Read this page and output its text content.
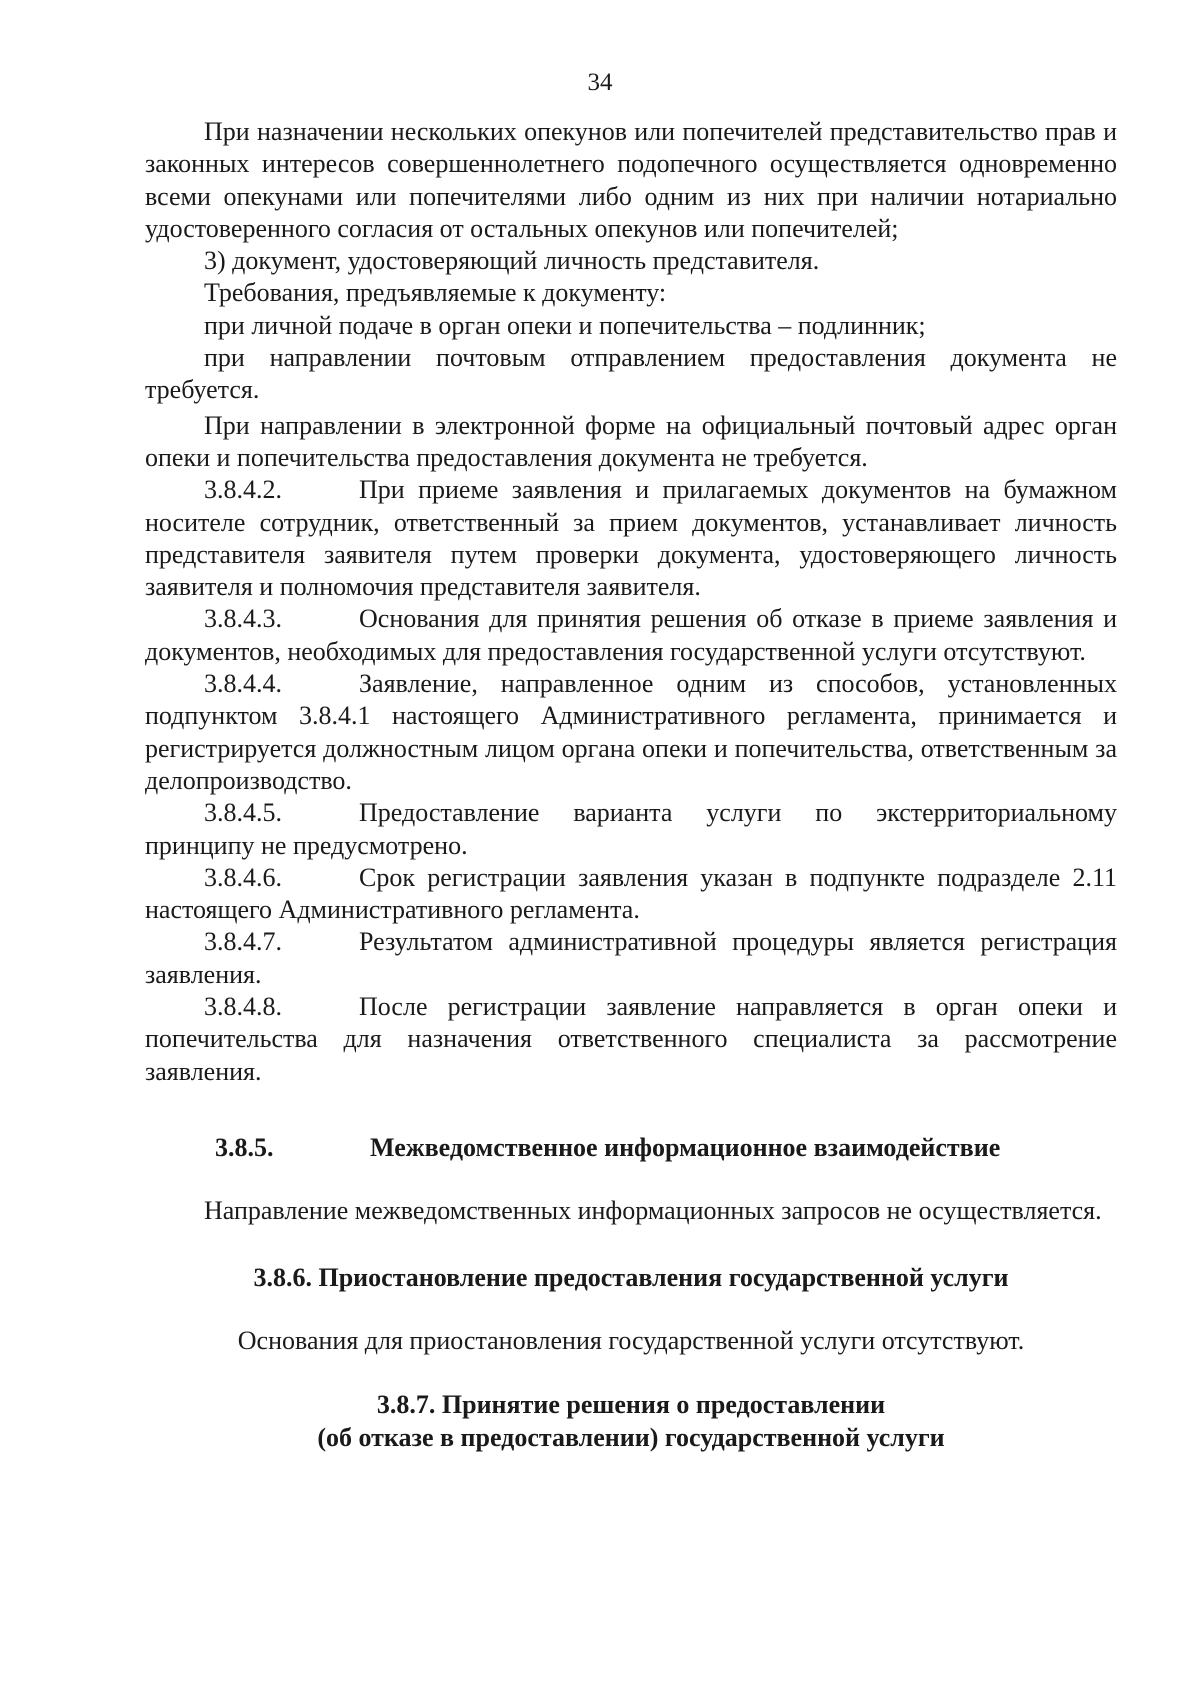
34

При назначении нескольких опекунов или попечителей представительство прав и законных интересов совершеннолетнего подопечного осуществляется одновременно всеми опекунами или попечителями либо одним из них при наличии нотариально удостоверенного согласия от остальных опекунов или попечителей;

3) документ, удостоверяющий личность представителя.

Требования, предъявляемые к документу:

при личной подаче в орган опеки и попечительства – подлинник;

при направлении почтовым отправлением предоставления документа не требуется.

При направлении в электронной форме на официальный почтовый адрес орган опеки и попечительства предоставления документа не требуется.

3.8.4.2.	При приеме заявления и прилагаемых документов на бумажном носителе сотрудник, ответственный за прием документов, устанавливает личность представителя заявителя путем проверки документа, удостоверяющего личность заявителя и полномочия представителя заявителя.

3.8.4.3.	Основания для принятия решения об отказе в приеме заявления и документов, необходимых для предоставления государственной услуги отсутствуют.

3.8.4.4.	Заявление, направленное одним из способов, установленных подпунктом 3.8.4.1 настоящего Административного регламента, принимается и регистрируется должностным лицом органа опеки и попечительства, ответственным за делопроизводство.

3.8.4.5.	Предоставление варианта услуги по экстерриториальному принципу не предусмотрено.

3.8.4.6.	Срок регистрации заявления указан в подпункте подразделе 2.11 настоящего Административного регламента.

3.8.4.7.	Результатом административной процедуры является регистрация заявления.

3.8.4.8.	После регистрации заявление направляется в орган опеки и попечительства для назначения ответственного специалиста за рассмотрение заявления.

3.8.5.	Межведомственное информационное взаимодействие

Направление межведомственных информационных запросов не осуществляется.

3.8.6. Приостановление предоставления государственной услуги

Основания для приостановления государственной услуги отсутствуют.

3.8.7. Принятие решения о предоставлении
(об отказе в предоставлении) государственной услуги
